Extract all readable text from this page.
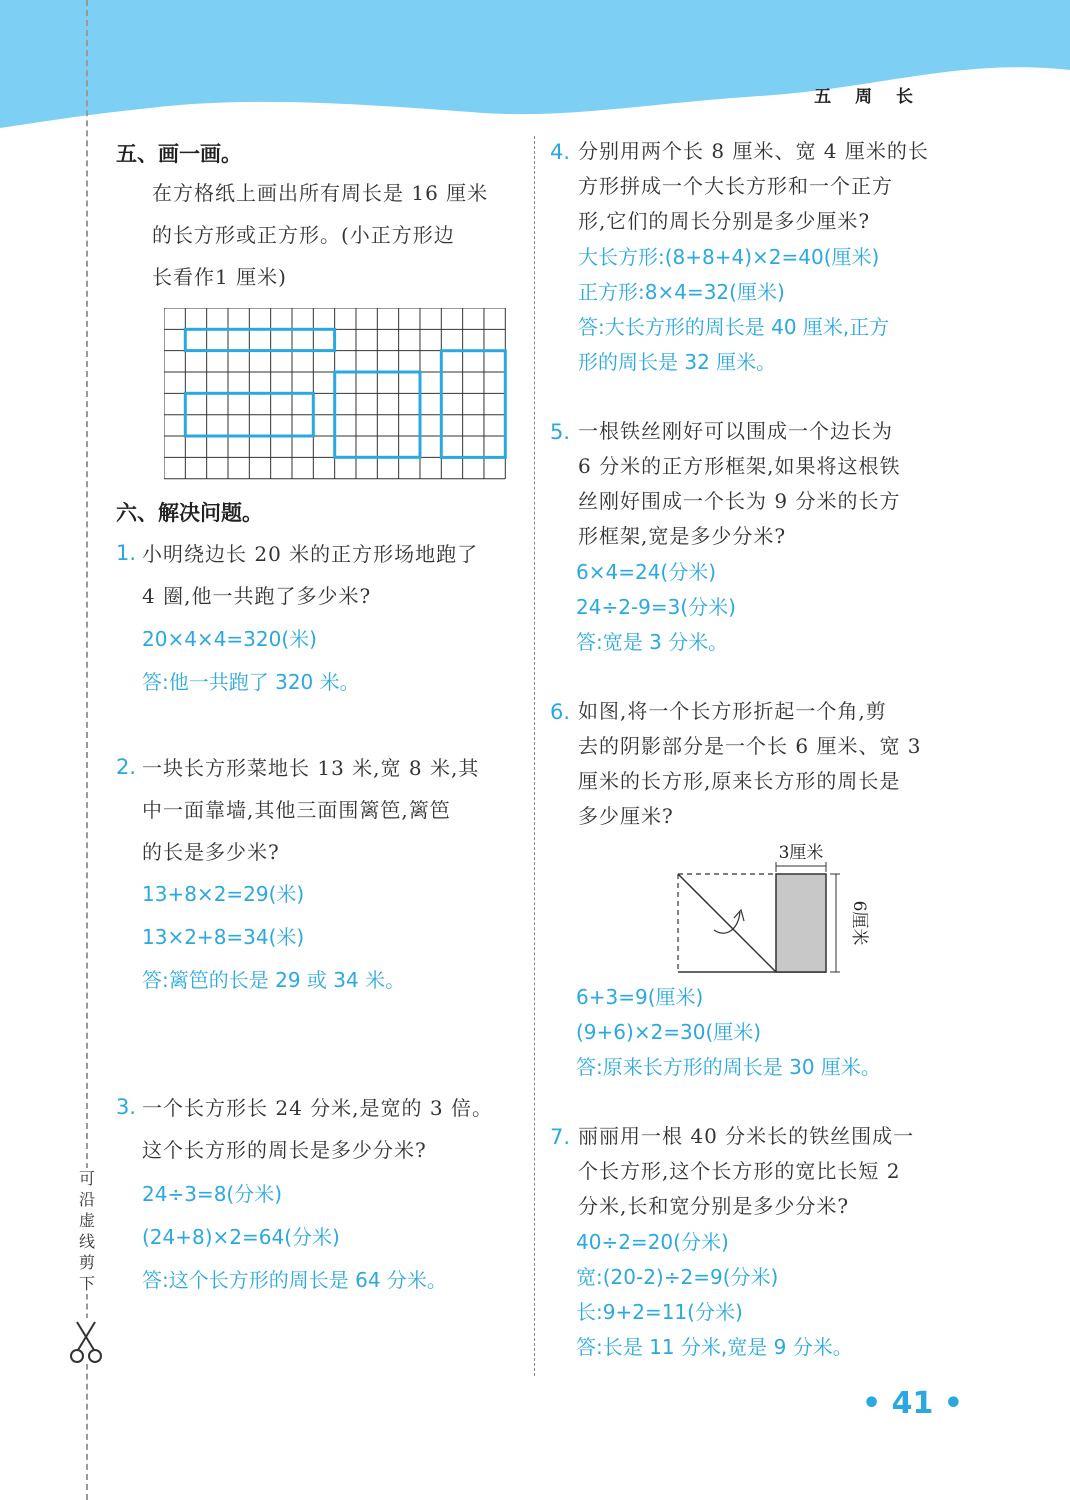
五 周 长
可
沿
虚
线
剪
下
五、画一画。
在方格纸上画出所有周长是 16 厘米
的长方形或正方形。(小正方形边
长看作1 厘米)
六、解决问题。
1. 小明绕边长 20 米的正方形场地跑了
4 圈,他一共跑了多少米?
20×4×4=320(米)
答:他一共跑了 320 米。
2. 一块长方形菜地长 13 米,宽 8 米,其
中一面靠墙,其他三面围篱笆,篱笆
的长是多少米?
13+8×2=29(米)
13×2+8=34(米)
答:篱笆的长是 29 或 34 米。
3. 一个长方形长 24 分米,是宽的 3 倍。
这个长方形的周长是多少分米?
24÷3=8(分米)
(24+8)×2=64(分米)
答:这个长方形的周长是 64 分米。
4. 分别用两个长 8 厘米、宽 4 厘米的长
方形拼成一个大长方形和一个正方
形,它们的周长分别是多少厘米?
大长方形:(8+8+4)×2=40(厘米)
正方形:8×4=32(厘米)
答:大长方形的周长是 40 厘米,正方
形的周长是 32 厘米。
5. 一根铁丝刚好可以围成一个边长为
6 分米的正方形框架,如果将这根铁
丝刚好围成一个长为 9 分米的长方
形框架,宽是多少分米?
6×4=24(分米)
24÷2-9=3(分米)
答:宽是 3 分米。
6. 如图,将一个长方形折起一个角,剪
去的阴影部分是一个长 6 厘米、宽 3
厘米的长方形,原来长方形的周长是
多少厘米?
3厘米
6厘米
6+3=9(厘米)
(9+6)×2=30(厘米)
答:原来长方形的周长是 30 厘米。
7. 丽丽用一根 40 分米长的铁丝围成一
个长方形,这个长方形的宽比长短 2
分米,长和宽分别是多少分米?
40÷2=20(分米)
宽:(20-2)÷2=9(分米)
长:9+2=11(分米)
答:长是 11 分米,宽是 9 分米。
• 41 •
